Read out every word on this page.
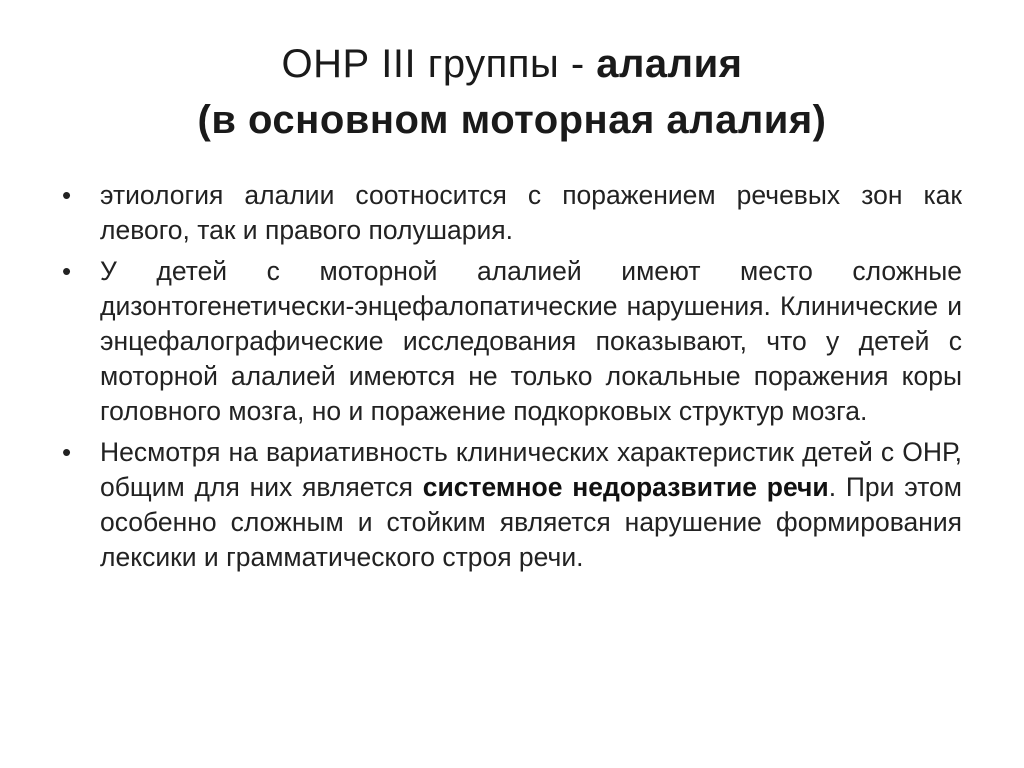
ОНР III группы - алалия
(в основном моторная алалия)
•	этиология алалии соотносится с поражением речевых зон как левого, так и правого полушария.
•	У детей с моторной алалией имеют место сложные дизонтогенетически-энцефалопатические нарушения. Клинические и энцефалографические исследования показывают, что у детей с моторной алалией имеются не только локальные поражения коры головного мозга, но и поражение подкорковых структур мозга.
•	Несмотря на вариативность клинических характеристик детей с ОНР, общим для них является системное недоразвитие речи. При этом особенно сложным и стойким является нарушение формирования лексики и грамматического строя речи.
